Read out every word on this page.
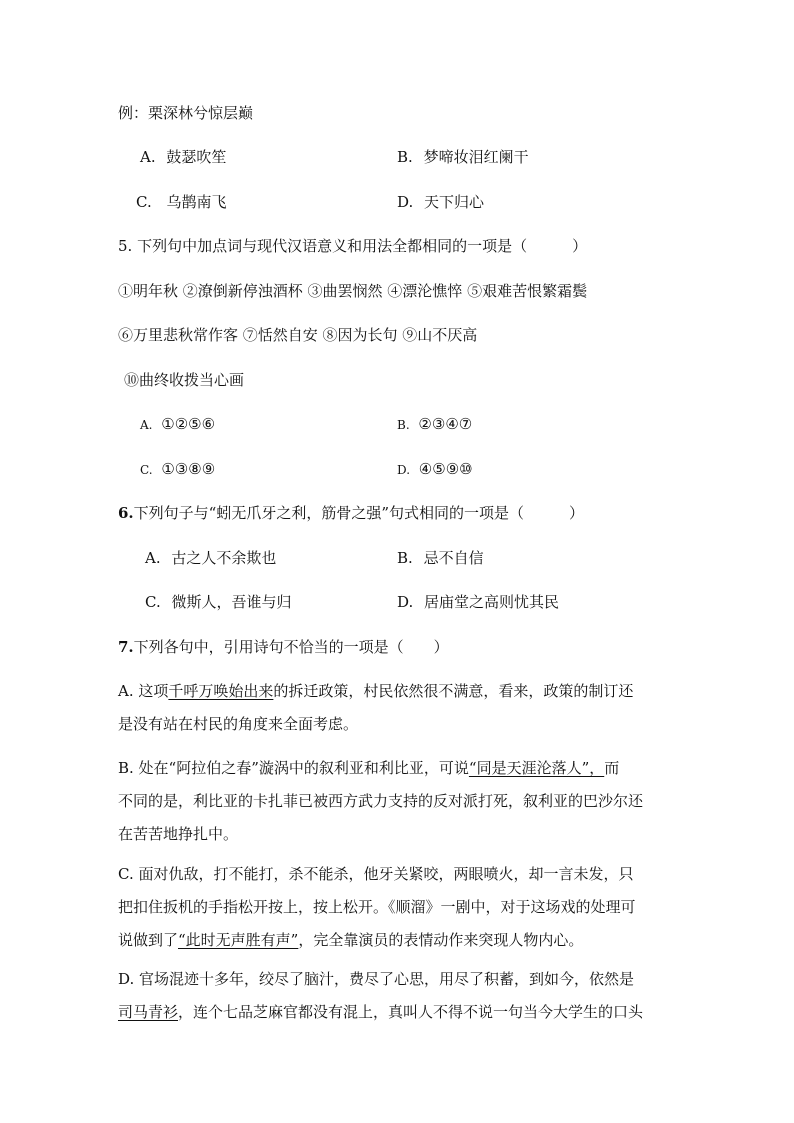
例：栗深林兮惊层巅
A. 鼓瑟吹笙	B. 梦啼妆泪红阑干
C. 乌鹊南飞	D. 天下归心
5. 下列句中加点词与现代汉语意义和用法全都相同的一项是（　　　）
①明年秋 ②潦倒新停浊酒杯 ③曲罢悯然 ④漂沦憔悴 ⑤艰难苦恨繁霜鬓
⑥万里悲秋常作客 ⑦恬然自安 ⑧因为长句 ⑨山不厌高
⑩曲终收拨当心画
A. ①②⑤⑥	B. ②③④⑦
C. ①③⑧⑨	D. ④⑤⑨⑩
6.下列句子与“蚓无爪牙之利，筋骨之强”句式相同的一项是（　　　）
A. 古之人不余欺也	B. 忌不自信
C. 微斯人，吾谁与归	D. 居庙堂之高则忧其民
7.下列各句中，引用诗句不恰当的一项是（　　）
A. 这项千呼万唤始出来的拆迁政策，村民依然很不满意，看来，政策的制订还
是没有站在村民的角度来全面考虑。
B. 处在“阿拉伯之春”漩涡中的叙利亚和利比亚，可说“同是天涯沦落人”，而
不同的是，利比亚的卡扎菲已被西方武力支持的反对派打死，叙利亚的巴沙尔还
在苦苦地挣扎中。
C. 面对仇敌，打不能打，杀不能杀，他牙关紧咬，两眼喷火，却一言未发，只
把扣住扳机的手指松开按上，按上松开。《顺溜》一剧中，对于这场戏的处理可
说做到了“此时无声胜有声”，完全靠演员的表情动作来突现人物内心。
D. 官场混迹十多年，绞尽了脑汁，费尽了心思，用尽了积蓄，到如今，依然是
司马青衫，连个七品芝麻官都没有混上，真叫人不得不说一句当今大学生的口头
